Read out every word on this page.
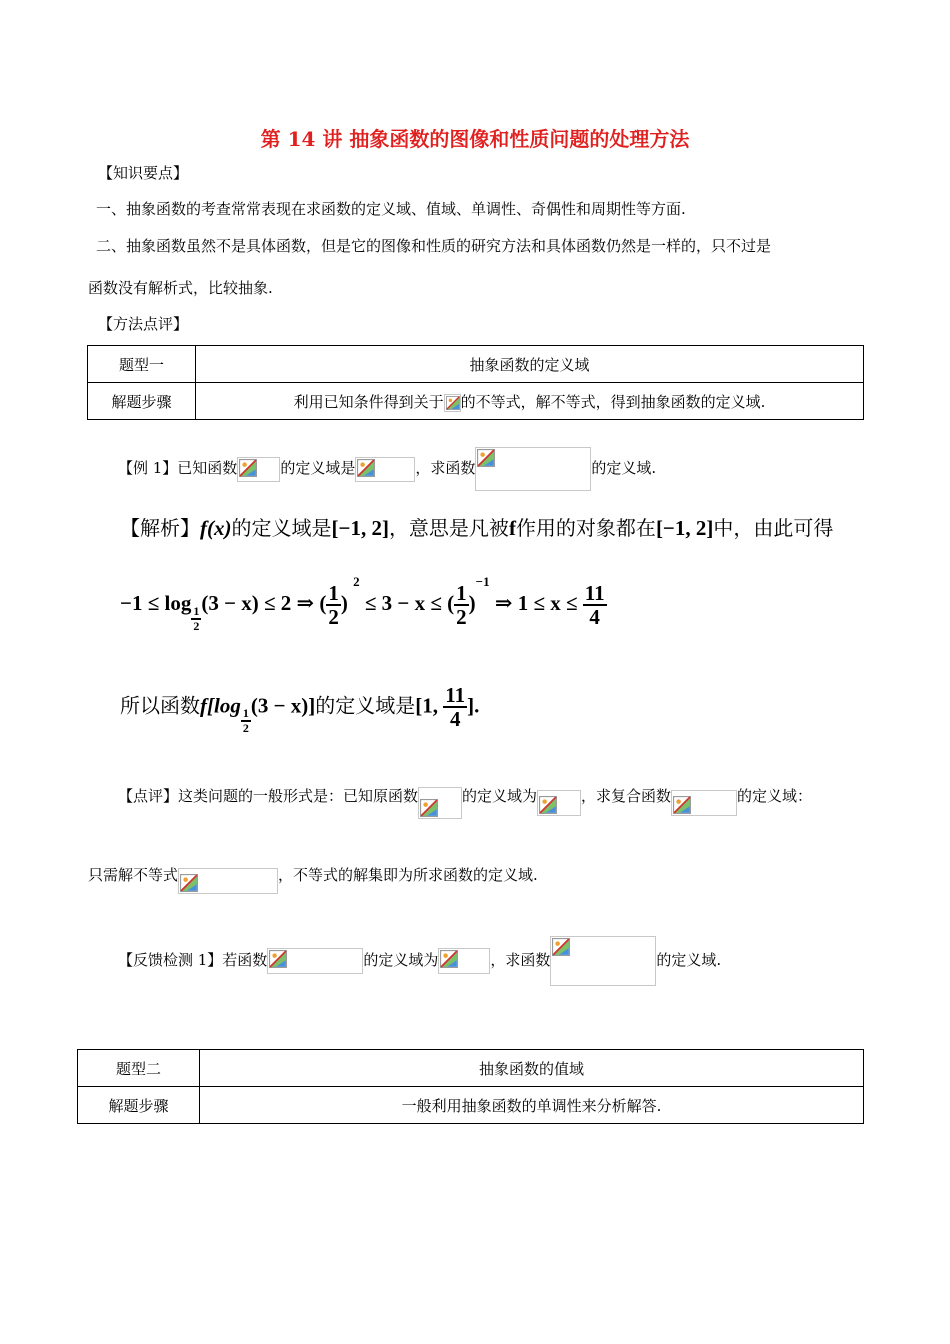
第 14 讲 抽象函数的图像和性质问题的处理方法
【知识要点】
一、抽象函数的考查常常表现在求函数的定义域、值域、单调性、奇偶性和周期性等方面.
二、抽象函数虽然不是具体函数，但是它的图像和性质的研究方法和具体函数仍然是一样的，只不过是
函数没有解析式，比较抽象.
【方法点评】
题型一	抽象函数的定义域
解题步骤	利用已知条件得到关于 的不等式，解不等式，得到抽象函数的定义域.
【例 1】已知函数	的定义域是	，求函数	的定义域.
【解析】f(x)的定义域是[−1, 2]，意思是凡被f作用的对象都在[−1, 2]中，由此可得
−1 ≤ log
$\frac{1}{2}$
(3 − x) ≤ 2 ⇒ ( $\frac{1}{2}$ ) $^2$ ≤ 3 − x ≤ ( $\frac{1}{2} )^{-1}$ ⇒ $1 \le x \le \frac{11}{4}$
所以函数f[log
$\frac{1}{2}$
(3 − x)]的定义域是[1, $\frac{11}{4}$ ].
【点评】这类问题的一般形式是：已知原函数	的定义域为	，求复合函数	的定义域：
只需解不等式	，不等式的解集即为所求函数的定义域.
【反馈检测 1】若函数	的定义域为	，求函数	的定义域.
题型二	抽象函数的值域
解题步骤	一般利用抽象函数的单调性来分析解答.
